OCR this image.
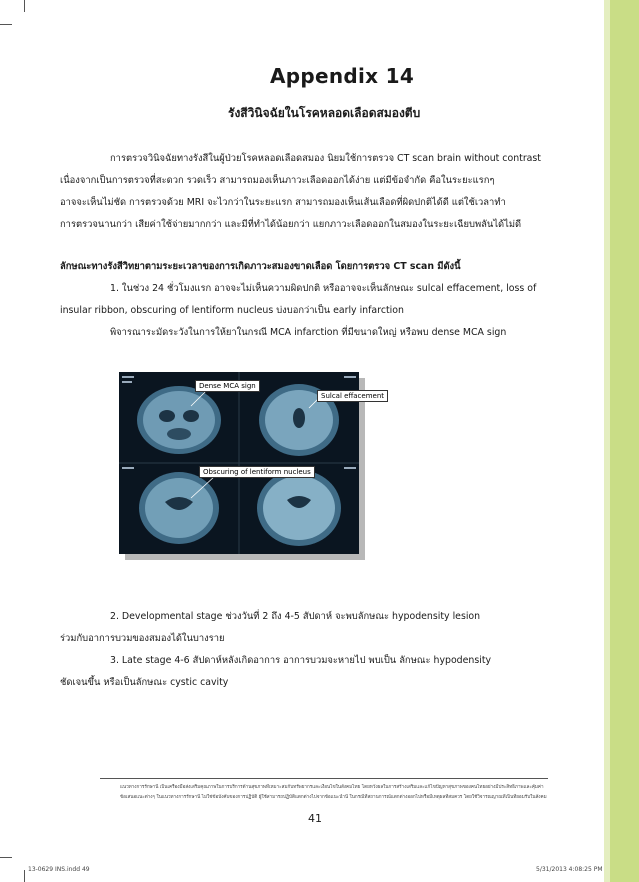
Appendix 14
รังสีวินิจฉัยในโรคหลอดเลือดสมองตีบ
การตรวจวินิจฉัยทางรังสีในผู้ป่วยโรคหลอดเลือดสมอง นิยมใช้การตรวจ CT scan brain without contrast
เนื่องจากเป็นการตรวจที่สะดวก รวดเร็ว สามารถมองเห็นภาวะเลือดออกได้ง่าย แต่มีข้อจำกัด คือในระยะแรกๆ
อาจจะเห็นไม่ชัด การตรวจด้วย MRI จะไวกว่าในระยะแรก สามารถมองเห็นเส้นเลือดที่ผิดปกติได้ดี แต่ใช้เวลาทำ
การตรวจนานกว่า เสียค่าใช้จ่ายมากกว่า และมีที่ทำได้น้อยกว่า แยกภาวะเลือดออกในสมองในระยะเฉียบพลันได้ไม่ดี
ลักษณะทางรังสีวิทยาตามระยะเวลาของการเกิดภาวะสมองขาดเลือด โดยการตรวจ CT scan มีดังนี้
1. ในช่วง 24 ชั่วโมงแรก อาจจะไม่เห็นความผิดปกติ หรืออาจจะเห็นลักษณะ sulcal effacement, loss of
insular ribbon, obscuring of lentiform nucleus บ่งบอกว่าเป็น early infarction
พิจารณาระมัดระวังในการให้ยาในกรณี MCA infarction ที่มีขนาดใหญ่ หรือพบ dense MCA sign
Dense MCA sign
Sulcal effacement
Obscuring of lentiform nucleus
2. Developmental stage ช่วงวันที่ 2 ถึง 4-5 สัปดาห์ จะพบลักษณะ hypodensity lesion
ร่วมกับอาการบวมของสมองได้ในบางราย
3. Late stage 4-6 สัปดาห์หลังเกิดอาการ อาการบวมจะหายไป พบเป็น ลักษณะ hypodensity
ชัดเจนขึ้น หรือเป็นลักษณะ cystic cavity
แนวทางการรักษานี้ เป็นเครื่องมือส่งเสริมคุณภาพในการบริการด้านสุขภาพที่เหมาะสมกับทรัพยากรและเงื่อนไขในสังคมไทย โดยหวังผลในการสร้างเสริมและแก้ไขปัญหาสุขภาพของคนไทยอย่างมีประสิทธิภาพและคุ้มค่า
ข้อเสนอแนะต่างๆ ในแนวทางการรักษานี้ ไม่ใช่ข้อบังคับของการปฏิบัติ ผู้ใช้สามารถปฏิบัติแตกต่างไปจากข้อแนะนำนี้ ในกรณีที่สถานการณ์แตกต่างออกไปหรือมีเหตุผลที่สมควร โดยใช้วิจารณญาณที่เป็นที่ยอมรับในสังคม
41
13-0629 INS.indd 49	5/31/2013 4:08:25 PM
